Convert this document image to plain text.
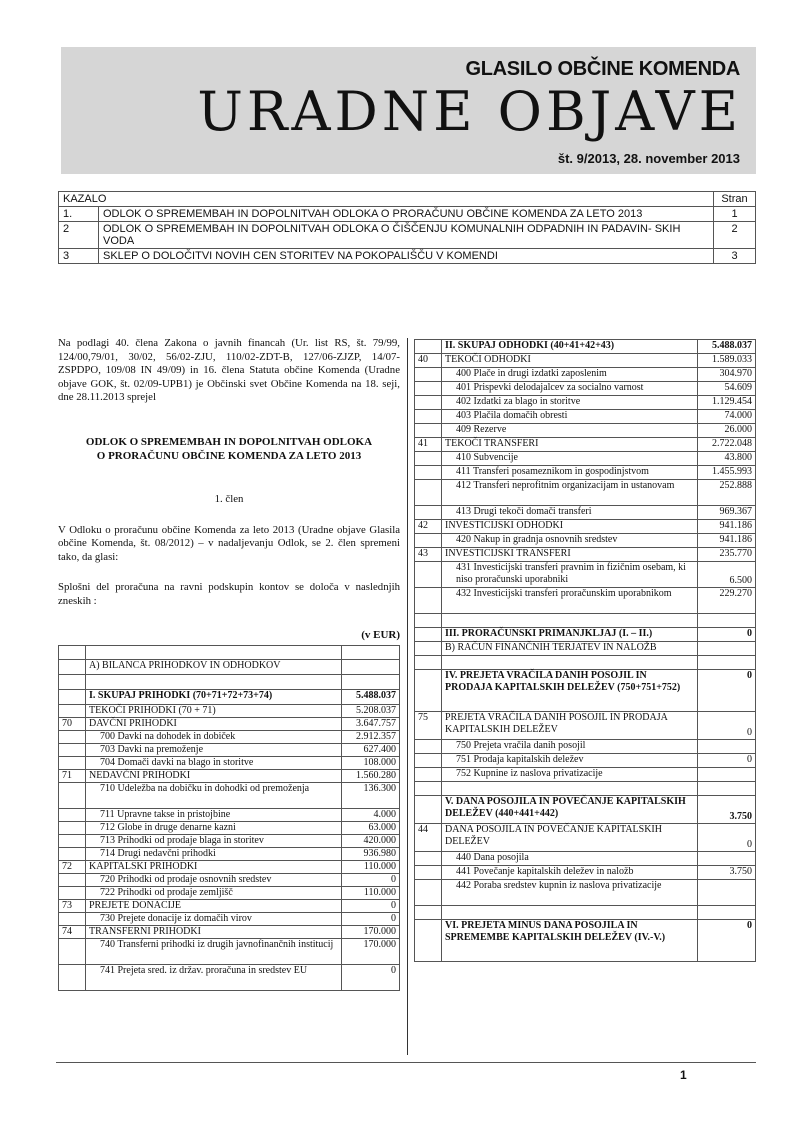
GLASILO OBČINE KOMENDA
URADNE OBJAVE
št. 9/2013, 28. november 2013
KAZALO		Stran
1.	ODLOK O SPREMEMBAH IN DOPOLNITVAH ODLOKA O PRORAČUNU OBČINE KOMENDA ZA LETO 2013	1
2	ODLOK O SPREMEMBAH IN DOPOLNITVAH ODLOKA O ČIŠČENJU KOMUNALNIH ODPADNIH IN PADAVIN- SKIH VODA	2
3	SKLEP O DOLOČITVI NOVIH CEN STORITEV NA POKOPALIŠČU V KOMENDI	3

Na podlagi 40. člena Zakona o javnih financah (Ur. list RS, št. 79/99, 124/00,79/01, 30/02, 56/02-ZJU, 110/02-ZDT-B, 127/06-ZJZP, 14/07-ZSPDPO, 109/08 IN 49/09) in 16. člena Statuta občine Komenda (Uradne objave GOK, št. 02/09-UPB1) je Občinski svet Občine Komenda na 18. seji, dne 28.11.2013 sprejel

ODLOK O SPREMEMBAH IN DOPOLNITVAH ODLOKA
O PRORAČUNU OBČINE KOMENDA ZA LETO 2013

1. člen

V Odloku o proračunu občine Komenda za leto 2013 (Uradne objave Glasila občine Komenda, št. 08/2012) – v nadaljevanju Odlok, se 2. člen spremeni tako, da glasi:

Splošni del proračuna na ravni podskupin kontov se določa v naslednjih zneskih :

(v EUR)

	A) BILANCA PRIHODKOV IN ODHODKOV	

	I. SKUPAJ PRIHODKI (70+71+72+73+74)	5.488.037
	TEKOČI PRIHODKI (70 + 71)	5.208.037
70	DAVČNI PRIHODKI	3.647.757
	700 Davki na dohodek in dobiček	2.912.357
	703 Davki na premoženje	627.400
	704 Domači davki na blago in storitve	108.000
71	NEDAVČNI PRIHODKI	1.560.280
	710 Udeležba na dobičku in dohodki od premoženja	136.300
	711 Upravne takse in pristojbine	4.000
	712 Globe in druge denarne kazni	63.000
	713 Prihodki od prodaje blaga in storitev	420.000
	714 Drugi nedavčni prihodki	936.980
72	KAPITALSKI PRIHODKI	110.000
	720 Prihodki od prodaje osnovnih sredstev	0
	722 Prihodki od prodaje zemljišč	110.000
73	PREJETE DONACIJE	0
	730 Prejete donacije iz domačih virov	0
74	TRANSFERNI PRIHODKI	170.000
	740 Transferni prihodki iz drugih javnofinančnih institucij	170.000
	741 Prejeta sred. iz držav. proračuna in sredstev EU	0
	II. SKUPAJ ODHODKI (40+41+42+43)	5.488.037
40	TEKOČI ODHODKI	1.589.033
	400 Plače in drugi izdatki zaposlenim	304.970
	401 Prispevki delodajalcev za socialno varnost	54.609
	402 Izdatki za blago in storitve	1.129.454
	403 Plačila domačih obresti	74.000
	409 Rezerve	26.000
41	TEKOČI TRANSFERI	2.722.048
	410 Subvencije	43.800
	411 Transferi posameznikom in gospodinjstvom	1.455.993
	412 Transferi neprofitnim organizacijam in ustanovam	252.888
	413 Drugi tekoči domači transferi	969.367
42	INVESTICIJSKI ODHODKI	941.186
	420 Nakup in gradnja osnovnih sredstev	941.186
43	INVESTICIJSKI TRANSFERI	235.770
	431 Investicijski transferi pravnim in fizičnim osebam, ki niso proračunski uporabniki	6.500
	432 Investicijski transferi proračunskim uporabnikom	229.270

	III. PRORAČUNSKI PRIMANJKLJAJ (I. – II.)	0
	B) RAČUN FINANČNIH TERJATEV IN NALOŽB	

	IV. PREJETA VRAČILA DANIH POSOJIL IN PRODAJA KAPITALSKIH DELEŽEV (750+751+752)	0
75	PREJETA VRAČILA DANIH POSOJIL IN PRODAJA KAPITALSKIH DELEŽEV	0
	750 Prejeta vračila danih posojil	
	751 Prodaja kapitalskih deležev	0
	752 Kupnine iz naslova privatizacije	

	V. DANA POSOJILA IN POVEČANJE KAPITALSKIH DELEŽEV (440+441+442)	3.750
44	DANA POSOJILA IN POVEČANJE KAPITALSKIH DELEŽEV	0
	440 Dana posojila	
	441 Povečanje kapitalskih deležev in naložb	3.750
	442 Poraba sredstev kupnin iz naslova privatizacije	

	VI. PREJETA MINUS DANA POSOJILA IN SPREMEMBE KAPITALSKIH DELEŽEV (IV.-V.)	0
1
